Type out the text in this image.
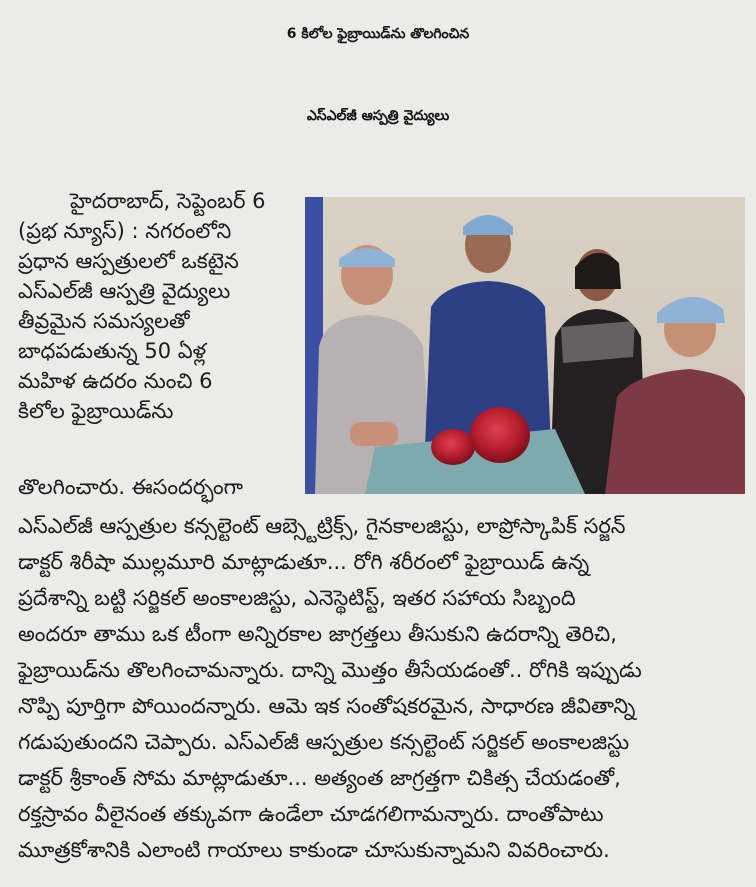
6 కిలోల ఫైబ్రాయిడ్‌ను తొలగించిన
ఎస్‌ఎల్‌జీ ఆస్పత్రి వైద్యులు
హైదరాబాద్, సెప్టెంబర్ 6
(ప్రభ న్యూస్) : నగరంలోని
ప్రధాన ఆస్పత్రులలో ఒకటైన
ఎస్‌ఎల్‌జీ ఆస్పత్రి వైద్యులు
తీవ్రమైన సమస్యలతో
బాధపడుతున్న 50 ఏళ్ల
మహిళ ఉదరం నుంచి 6
కిలోల ఫైబ్రాయిడ్‌ను
తొలగించారు. ఈసందర్భంగా
ఎస్‌ఎల్‌జీ ఆస్పత్రుల కన్సల్టెంట్ ఆబ్స్టెట్రిక్స్, గైనకాలజిస్టు, లాప్రోస్కాపిక్ సర్జన్
డాక్టర్ శిరీషా ముల్లమూరి మాట్లాడుతూ... రోగి శరీరంలో ఫైబ్రాయిడ్ ఉన్న
ప్రదేశాన్ని బట్టి సర్జికల్ అంకాలజిస్టు, ఎనెస్థెటిస్ట్, ఇతర సహాయ సిబ్బంది
అందరూ తాము ఒక టీంగా అన్నిరకాల జాగ్రత్తలు తీసుకుని ఉదరాన్ని తెరిచి,
ఫైబ్రాయిడ్‌ను తొలగించామన్నారు. దాన్ని మొత్తం తీసేయడంతో.. రోగికి ఇప్పుడు
నొప్పి పూర్తిగా పోయిందన్నారు. ఆమె ఇక సంతోషకరమైన, సాధారణ జీవితాన్ని
గడుపుతుందని చెప్పారు. ఎస్‌ఎల్‌జీ ఆస్పత్రుల కన్సల్టెంట్ సర్జికల్ అంకాలజిస్టు
డాక్టర్ శ్రీకాంత్ సోమ మాట్లాడుతూ... అత్యంత జాగ్రత్తగా చికిత్స చేయడంతో,
రక్తస్రావం వీలైనంత తక్కువగా ఉండేలా చూడగలిగామన్నారు. దాంతోపాటు
మూత్రకోశానికి ఎలాంటి గాయాలు కాకుండా చూసుకున్నామని వివరించారు.
